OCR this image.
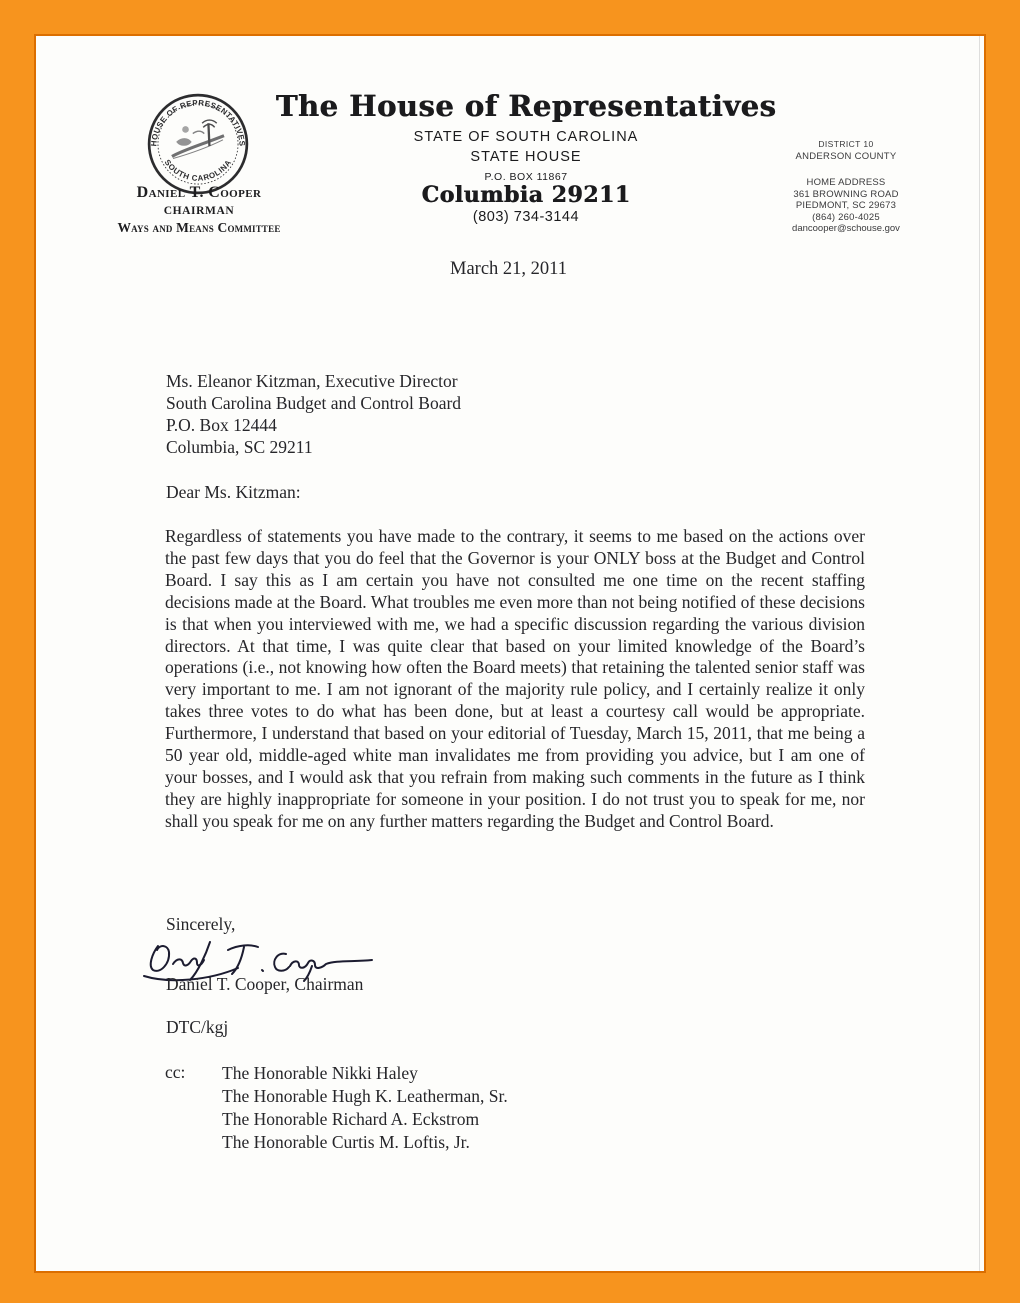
HOUSE OF REPRESENTATIVES
SOUTH CAROLINA
Daniel T. Cooper
CHAIRMAN
Ways and Means Committee
The House of Representatives
STATE OF SOUTH CAROLINA
STATE HOUSE
P.O. BOX 11867
Columbia 29211
(803) 734-3144
DISTRICT 10
ANDERSON COUNTY
HOME ADDRESS
361 BROWNING ROAD
PIEDMONT, SC 29673
(864) 260-4025
dancooper@schouse.gov
March 21, 2011
Ms. Eleanor Kitzman, Executive Director
South Carolina Budget and Control Board
P.O. Box 12444
Columbia, SC 29211
Dear Ms. Kitzman:
Regardless of statements you have made to the contrary, it seems to me based on the actions over the past few days that you do feel that the Governor is your ONLY boss at the Budget and Control Board. I say this as I am certain you have not consulted me one time on the recent staffing decisions made at the Board. What troubles me even more than not being notified of these decisions is that when you interviewed with me, we had a specific discussion regarding the various division directors. At that time, I was quite clear that based on your limited knowledge of the Board’s operations (i.e., not knowing how often the Board meets) that retaining the talented senior staff was very important to me. I am not ignorant of the majority rule policy, and I certainly realize it only takes three votes to do what has been done, but at least a courtesy call would be appropriate. Furthermore, I understand that based on your editorial of Tuesday, March 15, 2011, that me being a 50 year old, middle-aged white man invalidates me from providing you advice, but I am one of your bosses, and I would ask that you refrain from making such comments in the future as I think they are highly inappropriate for someone in your position. I do not trust you to speak for me, nor shall you speak for me on any further matters regarding the Budget and Control Board.
Sincerely,
Daniel T. Cooper, Chairman
DTC/kgj
cc: The Honorable Nikki Haley
The Honorable Hugh K. Leatherman, Sr.
The Honorable Richard A. Eckstrom
The Honorable Curtis M. Loftis, Jr.
